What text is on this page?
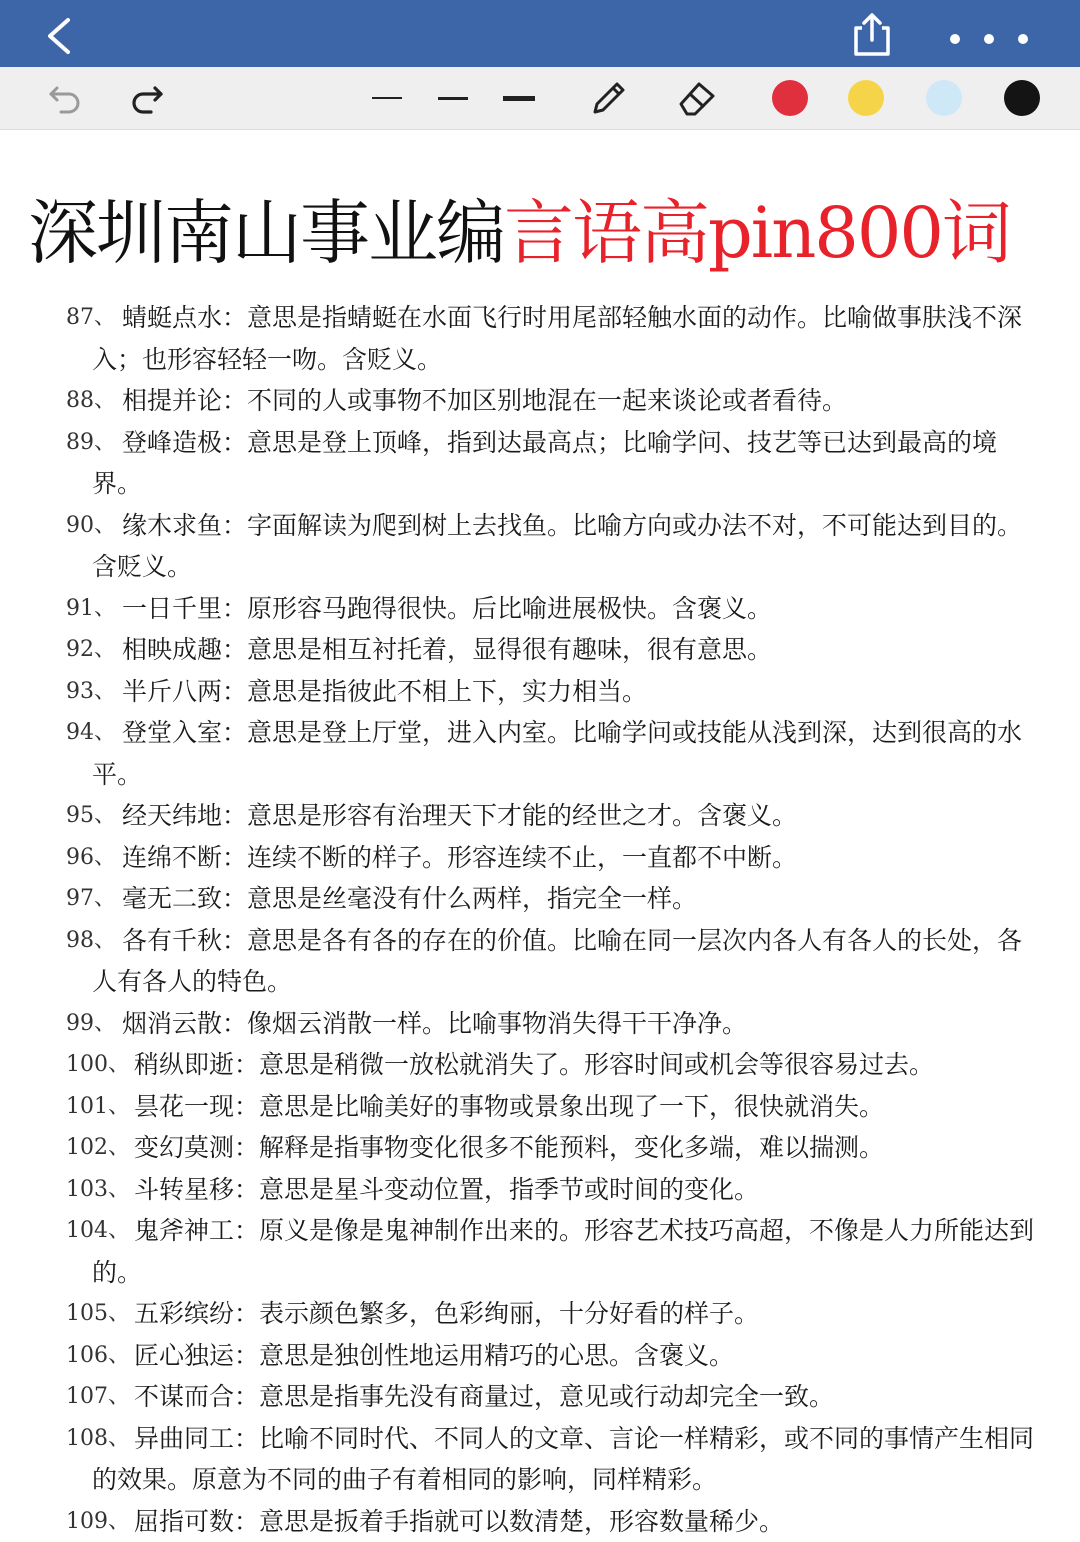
深圳南山事业编言语高pin800词
87、 蜻蜓点水：意思是指蜻蜓在水面飞行时用尾部轻触水面的动作。比喻做事肤浅不深入；也形容轻轻一吻。含贬义。
88、 相提并论：不同的人或事物不加区别地混在一起来谈论或者看待。
89、 登峰造极：意思是登上顶峰，指到达最高点；比喻学问、技艺等已达到最高的境界。
90、 缘木求鱼：字面解读为爬到树上去找鱼。比喻方向或办法不对，不可能达到目的。含贬义。
91、 一日千里：原形容马跑得很快。后比喻进展极快。含褒义。
92、 相映成趣：意思是相互衬托着，显得很有趣味，很有意思。
93、 半斤八两：意思是指彼此不相上下，实力相当。
94、 登堂入室：意思是登上厅堂，进入内室。比喻学问或技能从浅到深，达到很高的水平。
95、 经天纬地：意思是形容有治理天下才能的经世之才。含褒义。
96、 连绵不断：连续不断的样子。形容连续不止，一直都不中断。
97、 毫无二致：意思是丝毫没有什么两样，指完全一样。
98、 各有千秋：意思是各有各的存在的价值。比喻在同一层次内各人有各人的长处，各人有各人的特色。
99、 烟消云散：像烟云消散一样。比喻事物消失得干干净净。
100、 稍纵即逝：意思是稍微一放松就消失了。形容时间或机会等很容易过去。
101、 昙花一现：意思是比喻美好的事物或景象出现了一下，很快就消失。
102、 变幻莫测：解释是指事物变化很多不能预料，变化多端，难以揣测。
103、 斗转星移：意思是星斗变动位置，指季节或时间的变化。
104、 鬼斧神工：原义是像是鬼神制作出来的。形容艺术技巧高超，不像是人力所能达到的。
105、 五彩缤纷：表示颜色繁多，色彩绚丽，十分好看的样子。
106、 匠心独运：意思是独创性地运用精巧的心思。含褒义。
107、 不谋而合：意思是指事先没有商量过，意见或行动却完全一致。
108、 异曲同工：比喻不同时代、不同人的文章、言论一样精彩，或不同的事情产生相同的效果。原意为不同的曲子有着相同的影响，同样精彩。
109、 屈指可数：意思是扳着手指就可以数清楚，形容数量稀少。
